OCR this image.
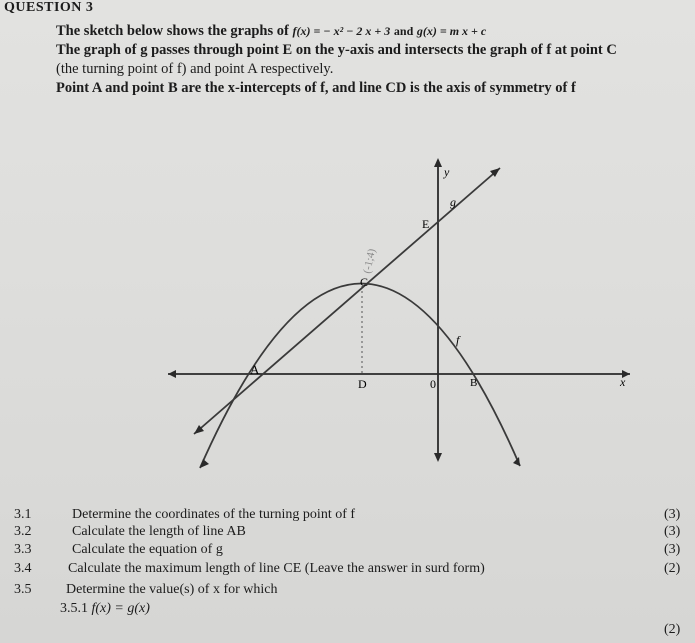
QUESTION 3
The sketch below shows the graphs of f(x) = − x² − 2 x + 3 and g(x) = m x + c
The graph of g passes through point E on the y-axis and intersects the graph of f at point C
(the turning point of f) and point A respectively.
Point A and point B are the x-intercepts of f, and line CD is the axis of symmetry of f
y
x
0
A
B
C
D
E
f
g
(-1;4)
3.1	Determine the coordinates of the turning point of f	(3)
3.2	Calculate the length of line AB	(3)
3.3	Calculate the equation of g	(3)
3.4	Calculate the maximum length of line CE (Leave the answer in surd form)	(2)
3.5 Determine the value(s) of x for which
3.5.1 f(x) = g(x)
(2)
